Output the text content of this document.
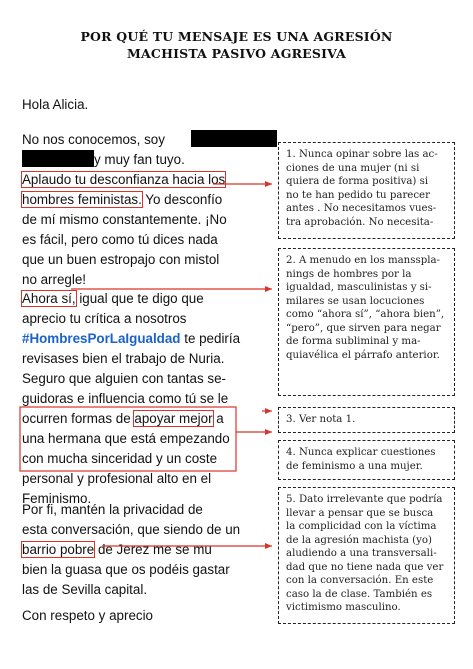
POR QUÉ TU MENSAJE ES UNA AGRESIÓN
MACHISTA PASIVO AGRESIVA
Hola Alicia.
No nos conocemos, soy
y muy fan tuyo.
Aplaudo tu desconfianza hacia los
hombres feministas. Yo desconfío
de mí mismo constantemente. ¡No
es fácil, pero como tú dices nada
que un buen estropajo con mistol
no arregle!
Ahora sí, igual que te digo que
aprecio tu crítica a nosotros
#HombresPorLaIgualdad te pediría
revisases bien el trabajo de Nuria.
Seguro que alguien con tantas se-
guidoras e influencia como tú se le
ocurren formas de apoyar mejor a
una hermana que está empezando
con mucha sinceridad y un coste
personal y profesional alto en el
Feminismo.
Por fi, mantén la privacidad de
esta conversación, que siendo de un
barrio pobre de Jerez me se mu
bien la guasa que os podéis gastar
las de Sevilla capital.
Con respeto y aprecio
1. Nunca opinar sobre las ac-
ciones de una mujer (ni si
quiera de forma positiva) si
no te han pedido tu parecer
antes . No necesitamos vues-
tra aprobación. No necesita-
2. A menudo en los mansspla-
nings de hombres por la
igualdad, masculinistas y si-
milares se usan locuciones
como “ahora sí”, “ahora bien”,
“pero”, que sirven para negar
de forma subliminal y ma-
quiavélica el párrafo anterior.
3. Ver nota 1.
4. Nunca explicar cuestiones
de feminismo a una mujer.
5. Dato irrelevante que podría
llevar a pensar que se busca
la complicidad con la víctima
de la agresión machista (yo)
aludiendo a una transversali-
dad que no tiene nada que ver
con la conversación. En este
caso la de clase. También es
victimismo masculino.
